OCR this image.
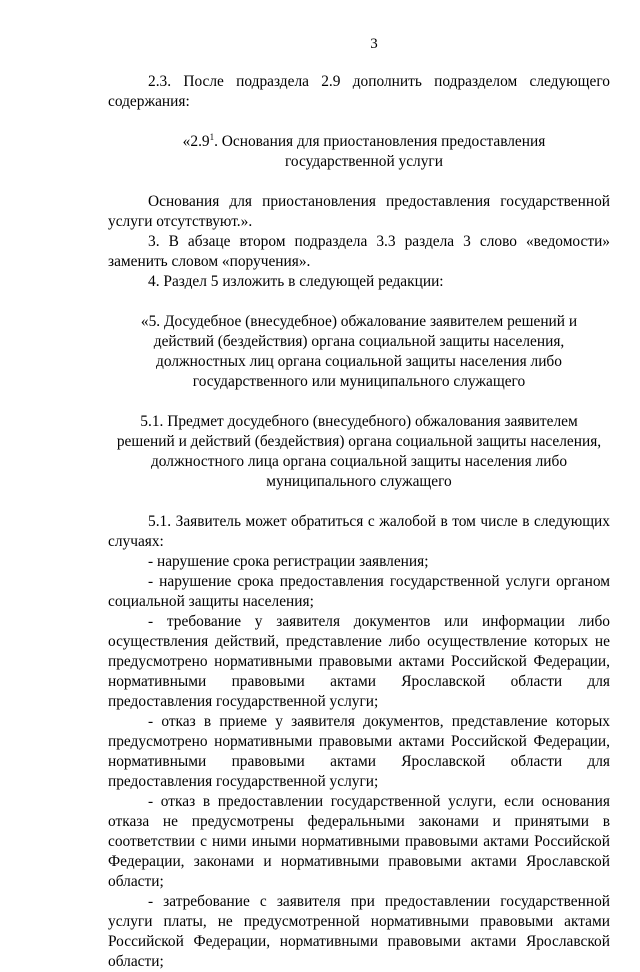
3

2.3. После подраздела 2.9 дополнить подразделом следующего содержания:

«$2.9^1$. Основания для приостановления предоставления государственной услуги

Основания для приостановления предоставления государственной услуги отсутствуют.».

3. В абзаце втором подраздела 3.3 раздела 3 слово «ведомости» заменить словом «поручения».

4. Раздел 5 изложить в следующей редакции:

«5. Досудебное (внесудебное) обжалование заявителем решений и действий (бездействия) органа социальной защиты населения, должностных лиц органа социальной защиты населения либо государственного или муниципального служащего

5.1. Предмет досудебного (внесудебного) обжалования заявителем решений и действий (бездействия) органа социальной защиты населения, должностного лица органа социальной защиты населения либо муниципального служащего

5.1. Заявитель может обратиться с жалобой в том числе в следующих случаях:

- нарушение срока регистрации заявления;

- нарушение срока предоставления государственной услуги органом социальной защиты населения;

- требование у заявителя документов или информации либо осуществления действий, представление либо осуществление которых не предусмотрено нормативными правовыми актами Российской Федерации, нормативными правовыми актами Ярославской области для предоставления государственной услуги;

- отказ в приеме у заявителя документов, представление которых предусмотрено нормативными правовыми актами Российской Федерации, нормативными правовыми актами Ярославской области для предоставления государственной услуги;

- отказ в предоставлении государственной услуги, если основания отказа не предусмотрены федеральными законами и принятыми в соответствии с ними иными нормативными правовыми актами Российской Федерации, законами и нормативными правовыми актами Ярославской области;

- затребование с заявителя при предоставлении государственной услуги платы, не предусмотренной нормативными правовыми актами Российской Федерации, нормативными правовыми актами Ярославской области;
